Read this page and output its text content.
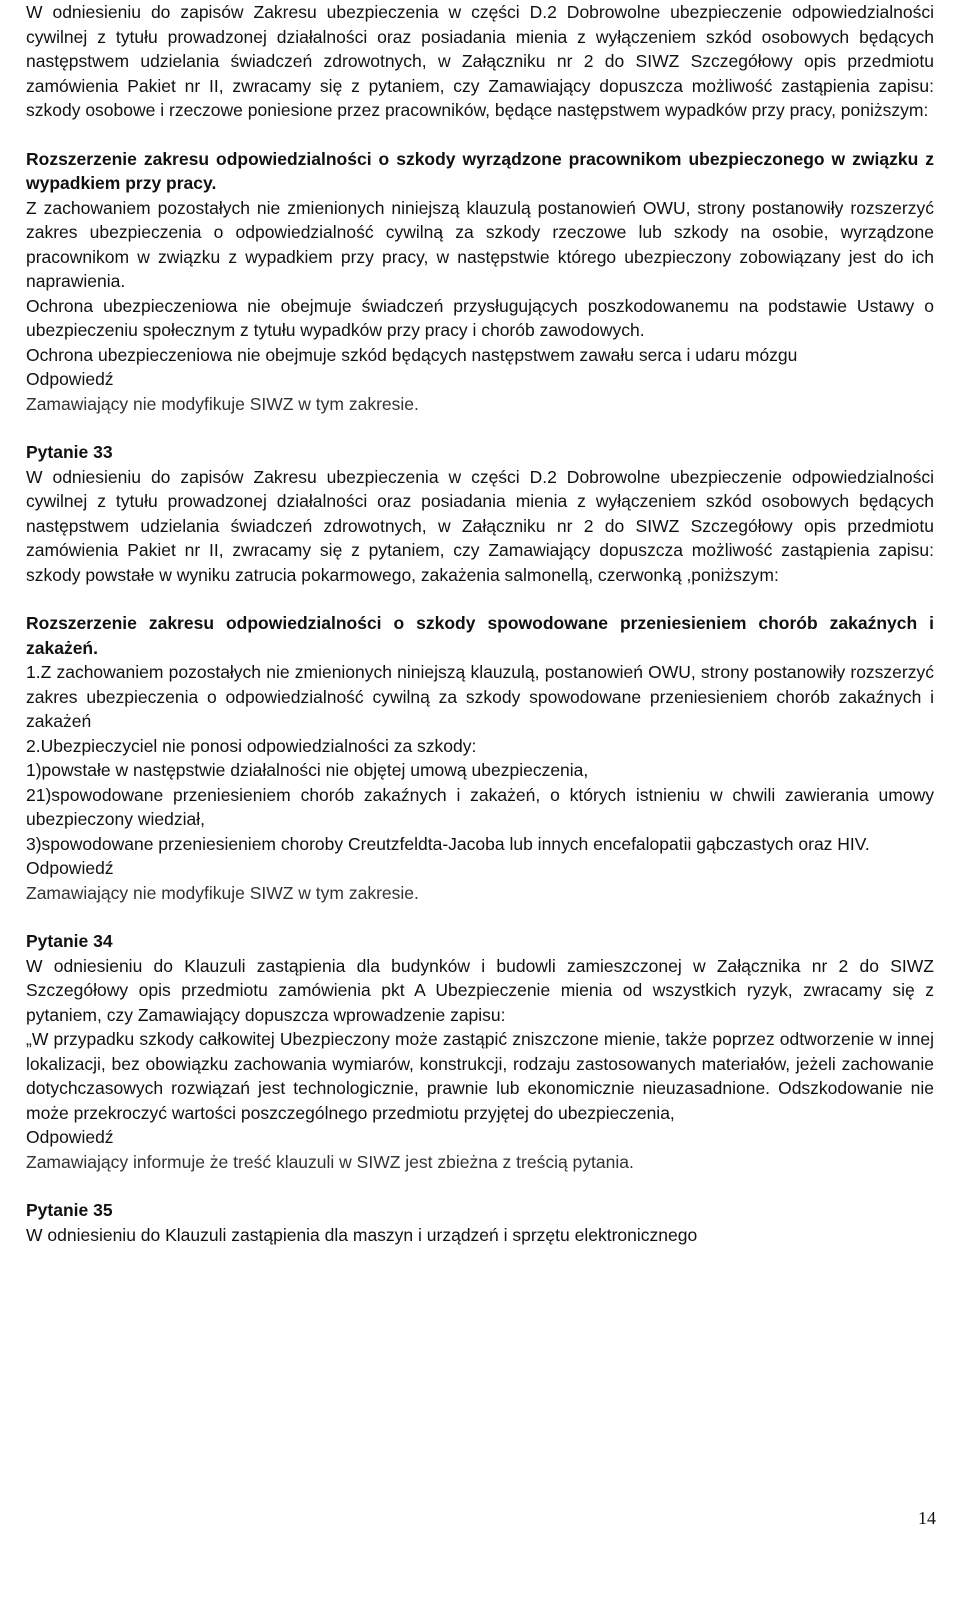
W odniesieniu do zapisów Zakresu ubezpieczenia w części D.2 Dobrowolne ubezpieczenie odpowiedzialności cywilnej z tytułu prowadzonej działalności oraz posiadania mienia z wyłączeniem szkód osobowych będących następstwem udzielania świadczeń zdrowotnych, w Załączniku nr 2 do SIWZ Szczegółowy opis przedmiotu zamówienia Pakiet nr II, zwracamy się z pytaniem, czy Zamawiający dopuszcza możliwość zastąpienia zapisu: szkody osobowe i rzeczowe poniesione przez pracowników, będące następstwem wypadków przy pracy, poniższym:
Rozszerzenie zakresu odpowiedzialności o szkody wyrządzone pracownikom ubezpieczonego w związku z wypadkiem przy pracy.
Z zachowaniem pozostałych nie zmienionych niniejszą klauzulą postanowień OWU, strony postanowiły rozszerzyć zakres ubezpieczenia o odpowiedzialność cywilną za szkody rzeczowe lub szkody na osobie, wyrządzone pracownikom w związku z wypadkiem przy pracy, w następstwie którego ubezpieczony zobowiązany jest do ich naprawienia.
Ochrona ubezpieczeniowa nie obejmuje świadczeń przysługujących poszkodowanemu na podstawie Ustawy o ubezpieczeniu społecznym z tytułu wypadków przy pracy i chorób zawodowych.
Ochrona ubezpieczeniowa nie obejmuje szkód będących następstwem zawału serca i udaru mózgu
Odpowiedź
Zamawiający nie modyfikuje SIWZ w tym zakresie.
Pytanie 33
W odniesieniu do zapisów Zakresu ubezpieczenia w części D.2 Dobrowolne ubezpieczenie odpowiedzialności cywilnej z tytułu prowadzonej działalności oraz posiadania mienia z wyłączeniem szkód osobowych będących następstwem udzielania świadczeń zdrowotnych, w Załączniku nr 2 do SIWZ Szczegółowy opis przedmiotu zamówienia Pakiet nr II, zwracamy się z pytaniem, czy Zamawiający dopuszcza możliwość zastąpienia zapisu: szkody powstałe w wyniku zatrucia pokarmowego, zakażenia salmonellą, czerwonką ,poniższym:
Rozszerzenie zakresu odpowiedzialności o szkody spowodowane przeniesieniem chorób zakaźnych i zakażeń.
1.Z zachowaniem pozostałych nie zmienionych niniejszą klauzulą, postanowień OWU, strony postanowiły rozszerzyć zakres ubezpieczenia o odpowiedzialność cywilną za szkody spowodowane przeniesieniem chorób zakaźnych i zakażeń
2.Ubezpieczyciel nie ponosi odpowiedzialności za szkody:
1)powstałe w następstwie działalności nie objętej umową ubezpieczenia,
21)spowodowane przeniesieniem chorób zakaźnych i zakażeń, o których istnieniu w chwili zawierania umowy ubezpieczony wiedział,
3)spowodowane przeniesieniem choroby Creutzfeldta-Jacoba lub innych encefalopatii gąbczastych oraz HIV.
Odpowiedź
Zamawiający nie modyfikuje SIWZ w tym zakresie.
Pytanie 34
W odniesieniu do Klauzuli zastąpienia dla budynków i budowli zamieszczonej w Załącznika nr 2 do SIWZ Szczegółowy opis przedmiotu zamówienia pkt A Ubezpieczenie mienia od wszystkich ryzyk, zwracamy się z pytaniem, czy Zamawiający dopuszcza wprowadzenie zapisu:
„W przypadku szkody całkowitej Ubezpieczony może zastąpić zniszczone mienie, także poprzez odtworzenie w innej lokalizacji, bez obowiązku zachowania wymiarów, konstrukcji, rodzaju zastosowanych materiałów, jeżeli zachowanie dotychczasowych rozwiązań jest technologicznie, prawnie lub ekonomicznie nieuzasadnione. Odszkodowanie nie może przekroczyć wartości poszczególnego przedmiotu przyjętej do ubezpieczenia,
Odpowiedź
Zamawiający informuje że treść klauzuli w SIWZ jest zbieżna z treścią pytania.
Pytanie 35
W odniesieniu do Klauzuli zastąpienia dla maszyn i urządzeń i sprzętu elektronicznego
14
